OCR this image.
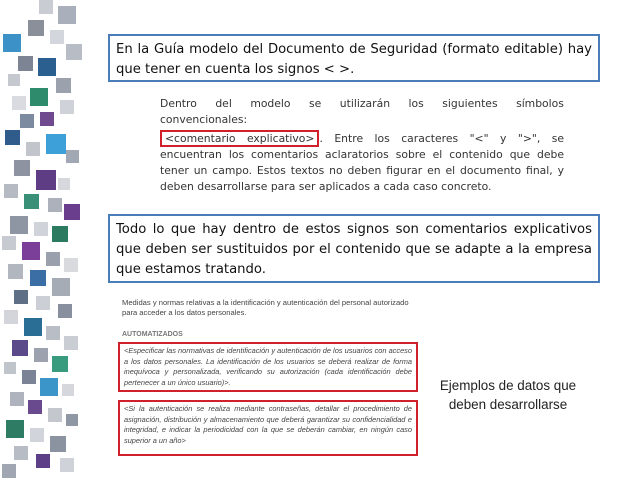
En la Guía modelo del Documento de Seguridad (formato editable) hay que tener en cuenta los signos < >.
Dentro del modelo se utilizarán los siguientes símbolos
convencionales:
<comentario explicativo> . Entre los caracteres "<" y ">", se encuentran los comentarios aclaratorios sobre el contenido que debe tener un campo. Estos textos no deben figurar en el documento final, y deben desarrollarse para ser aplicados a cada caso concreto.
Todo lo que hay dentro de estos signos son comentarios explicativos que deben ser sustituidos por el contenido que se adapte a la empresa que estamos tratando.
Medidas y normas relativas a la identificación y autenticación del personal autorizado para acceder a los datos personales.
AUTOMATIZADOS
<Especificar las normativas de identificación y autenticación de los usuarios con acceso a los datos personales. La identificación de los usuarios se deberá realizar de forma inequívoca y personalizada, verificando su autorización (cada identificación debe pertenecer a un único usuario)>.
<Si la autenticación se realiza mediante contraseñas, detallar el procedimiento de asignación, distribución y almacenamiento que deberá garantizar su confidencialidad e integridad, e indicar la periodicidad con la que se deberán cambiar, en ningún caso superior a un año>
Ejemplos de datos que deben desarrollarse
